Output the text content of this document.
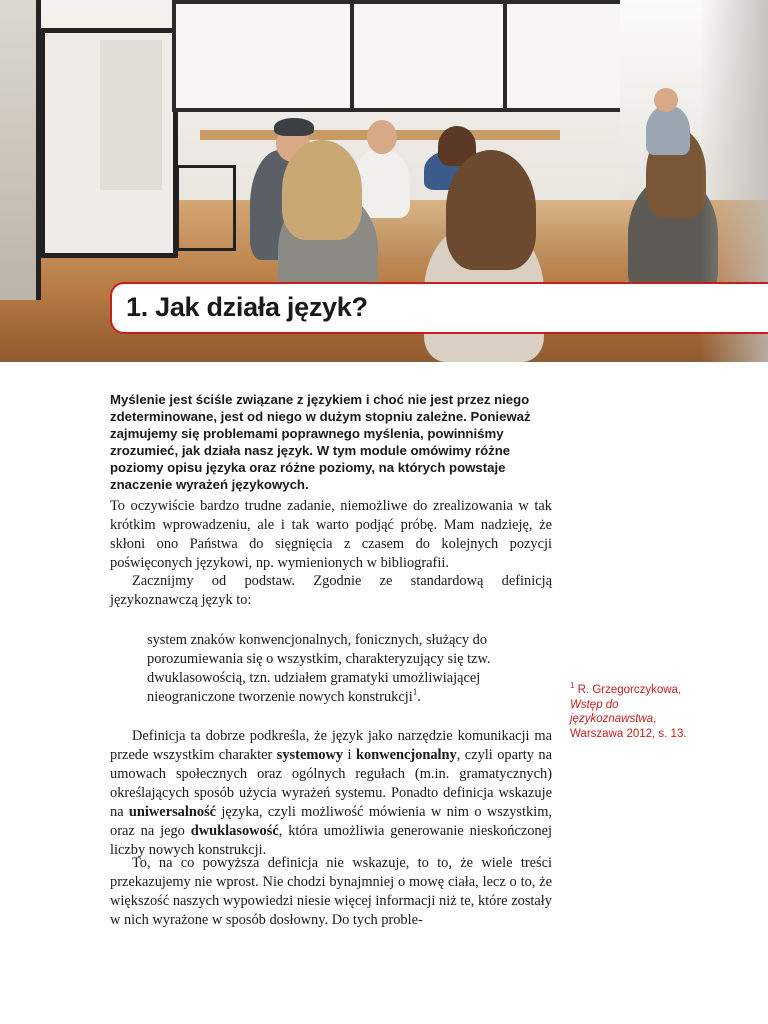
1. Jak działa język?

Myślenie jest ściśle związane z językiem i choć nie jest przez niego zdeterminowane, jest od niego w dużym stopniu zależne. Ponieważ zajmujemy się problemami poprawnego myślenia, powinniśmy zrozumieć, jak działa nasz język. W tym module omówimy różne poziomy opisu języka oraz różne poziomy, na których powstaje znaczenie wyrażeń językowych.

To oczywiście bardzo trudne zadanie, niemożliwe do zrealizowania w tak krótkim wprowadzeniu, ale i tak warto podjąć próbę. Mam nadzieję, że skłoni ono Państwa do sięgnięcia z czasem do kolejnych pozycji poświęconych językowi, np. wymienionych w bibliografii.

Zacznijmy od podstaw. Zgodnie ze standardową definicją językoznawczą język to:

system znaków konwencjonalnych, fonicznych, służący do porozumiewania się o wszystkim, charakteryzujący się tzw. dwuklasowością, tzn. udziałem gramatyki umożliwiającej nieograniczone tworzenie nowych konstrukcji$^1$.

Definicja ta dobrze podkreśla, że język jako narzędzie komunikacji ma przede wszystkim charakter systemowy i konwencjonalny, czyli oparty na umowach społecznych oraz ogólnych regułach (m.in. gramatycznych) określających sposób użycia wyrażeń systemu. Ponadto definicja wskazuje na uniwersalność języka, czyli możliwość mówienia w nim o wszystkim, oraz na jego dwuklasowość, która umożliwia generowanie nieskończonej liczby nowych konstrukcji.

To, na co powyższa definicja nie wskazuje, to to, że wiele treści przekazujemy nie wprost. Nie chodzi bynajmniej o mowę ciała, lecz o to, że większość naszych wypowiedzi niesie więcej informacji niż te, które zostały w nich wyrażone w sposób dosłowny. Do tych proble-

$^1$ R. Grzegorczykowa, Wstęp do językoznawstwa, Warszawa 2012, s. 13.
